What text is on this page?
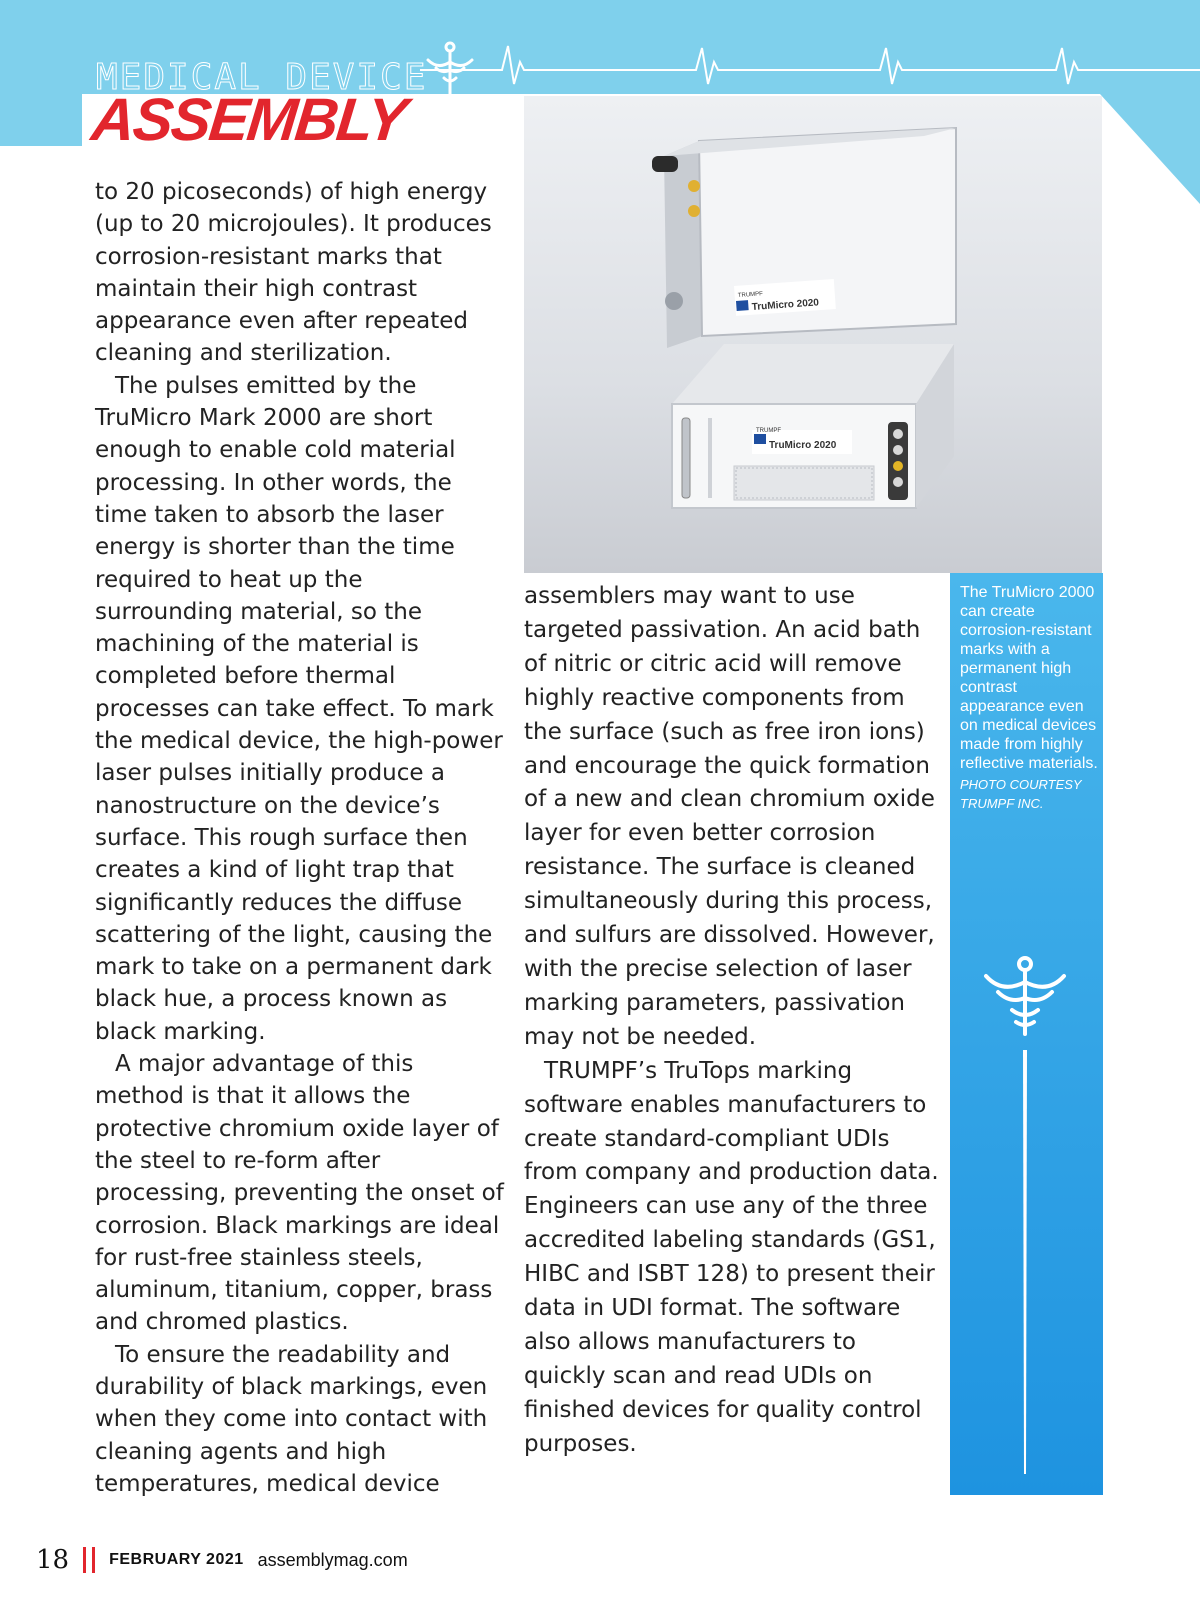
MEDICAL DEVICE
ASSEMBLY

to 20 picoseconds) of high energy (up to 20 microjoules). It produces corrosion-resistant marks that maintain their high contrast appearance even after repeated cleaning and sterilization.

The pulses emitted by the TruMicro Mark 2000 are short enough to enable cold material processing. In other words, the time taken to absorb the laser energy is shorter than the time required to heat up the surrounding material, so the machining of the material is completed before thermal processes can take effect. To mark the medical device, the high-power laser pulses initially produce a nanostructure on the device’s surface. This rough surface then creates a kind of light trap that significantly reduces the diffuse scattering of the light, causing the mark to take on a permanent dark black hue, a process known as black marking.

A major advantage of this method is that it allows the protective chromium oxide layer of the steel to re-form after processing, preventing the onset of corrosion. Black markings are ideal for rust-free stainless steels, aluminum, titanium, copper, brass and chromed plastics.

To ensure the readability and durability of black markings, even when they come into contact with cleaning agents and high temperatures, medical device

TRUMPF
TruMicro 2020
TRUMPF
TruMicro 2020

assemblers may want to use targeted passivation. An acid bath of nitric or citric acid will remove highly reactive components from the surface (such as free iron ions) and encourage the quick formation of a new and clean chromium oxide layer for even better corrosion resistance. The surface is cleaned simultaneously during this process, and sulfurs are dissolved. However, with the precise selection of laser marking parameters, passivation may not be needed.

TRUMPF’s TruTops marking software enables manufacturers to create standard-compliant UDIs from company and production data. Engineers can use any of the three accredited labeling standards (GS1, HIBC and ISBT 128) to present their data in UDI format. The software also allows manufacturers to quickly scan and read UDIs on finished devices for quality control purposes.

The TruMicro 2000 can create corrosion-resistant marks with a permanent high contrast appearance even on medical devices made from highly reflective materials.
PHOTO COURTESY TRUMPF INC.
18	FEBRUARY 2021 assemblymag.com
